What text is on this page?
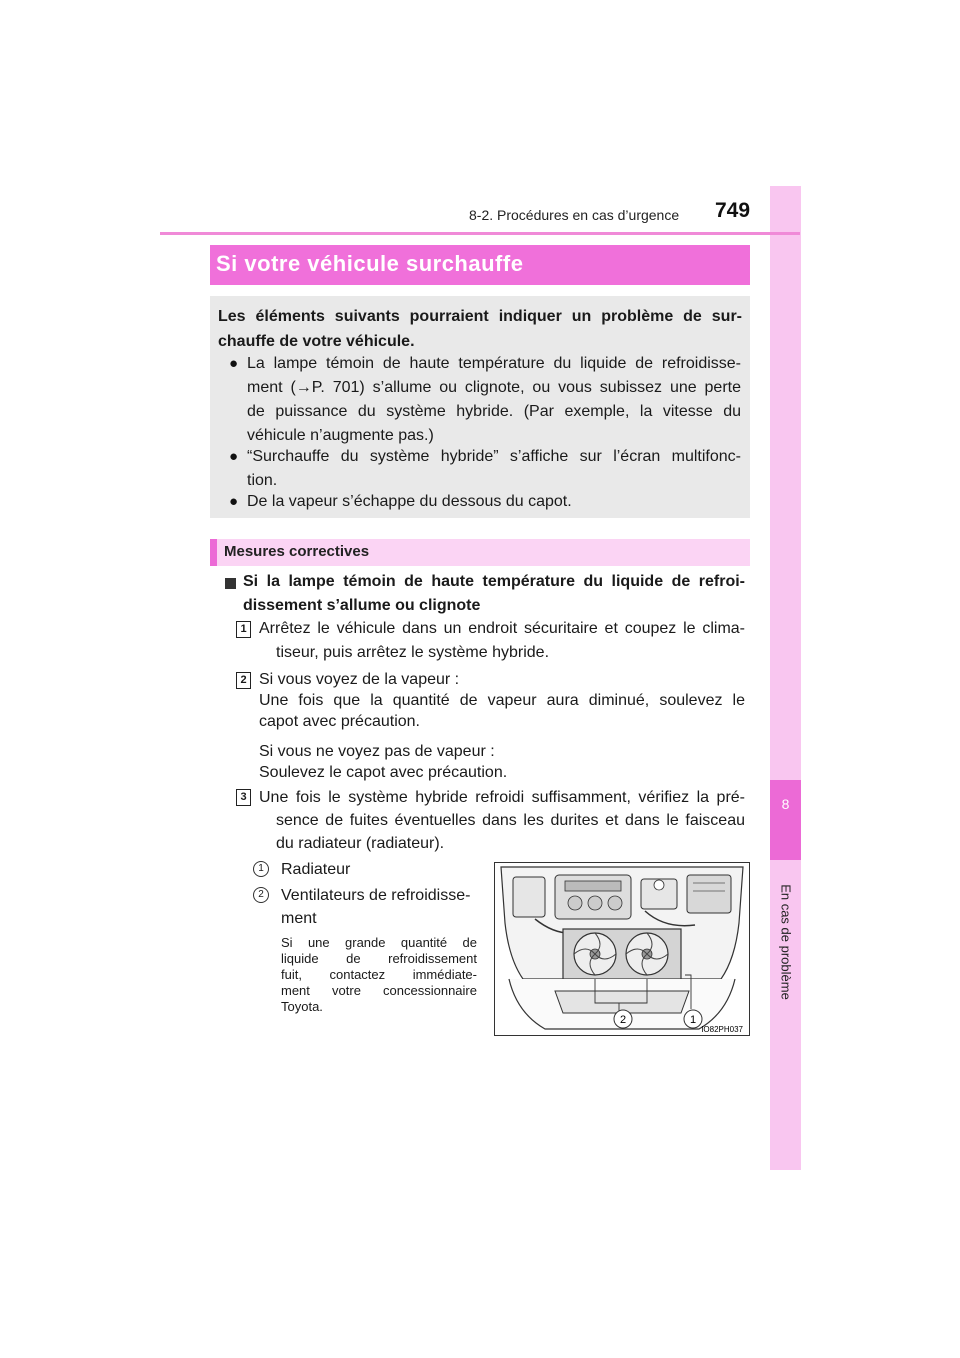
8
En cas de problème
8-2. Procédures en cas d’urgence 749
Si votre véhicule surchauffe
Les éléments suivants pourraient indiquer un problème de sur-
chauffe de votre véhicule.
● La lampe témoin de haute température du liquide de refroidisse-
ment (→P. 701) s’allume ou clignote, ou vous subissez une perte
de puissance du système hybride. (Par exemple, la vitesse du
véhicule n’augmente pas.)
● “Surchauffe du système hybride” s’affiche sur l’écran multifonc-
tion.
● De la vapeur s’échappe du dessous du capot.
Mesures correctives
Si la lampe témoin de haute température du liquide de refroi-
dissement s’allume ou clignote
1 Arrêtez le véhicule dans un endroit sécuritaire et coupez le clima-
tiseur, puis arrêtez le système hybride.
2 Si vous voyez de la vapeur :
Une fois que la quantité de vapeur aura diminué, soulevez le
capot avec précaution.
Si vous ne voyez pas de vapeur :
Soulevez le capot avec précaution.
3 Une fois le système hybride refroidi suffisamment, vérifiez la pré-
sence de fuites éventuelles dans les durites et dans le faisceau
du radiateur (radiateur).
1	Radiateur
2	Ventilateurs de refroidisse-
ment
Si une grande quantité de
liquide de refroidissement
fuit, contactez immédiate-
ment votre concessionnaire
Toyota.
2	1
IO82PH037
